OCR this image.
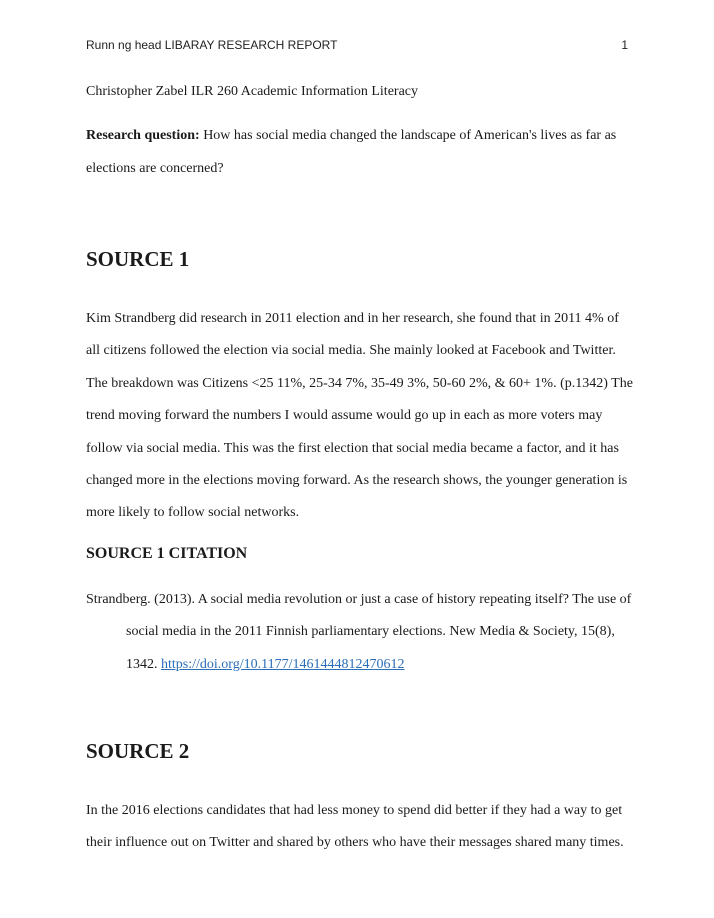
Runn ng head LIBARAY RESEARCH REPORT	1

Christopher Zabel ILR 260 Academic Information Literacy

Research question: How has social media changed the landscape of American's lives as far as elections are concerned?

SOURCE 1

Kim Strandberg did research in 2011 election and in her research, she found that in 2011 4% of all citizens followed the election via social media. She mainly looked at Facebook and Twitter. The breakdown was Citizens <25 11%, 25-34 7%, 35-49 3%, 50-60 2%, & 60+ 1%. (p.1342) The trend moving forward the numbers I would assume would go up in each as more voters may follow via social media. This was the first election that social media became a factor, and it has changed more in the elections moving forward. As the research shows, the younger generation is more likely to follow social networks.

SOURCE 1 CITATION

Strandberg. (2013). A social media revolution or just a case of history repeating itself? The use of social media in the 2011 Finnish parliamentary elections. New Media & Society, 15(8), 1342. https://doi.org/10.1177/1461444812470612

SOURCE 2

In the 2016 elections candidates that had less money to spend did better if they had a way to get their influence out on Twitter and shared by others who have their messages shared many times.
